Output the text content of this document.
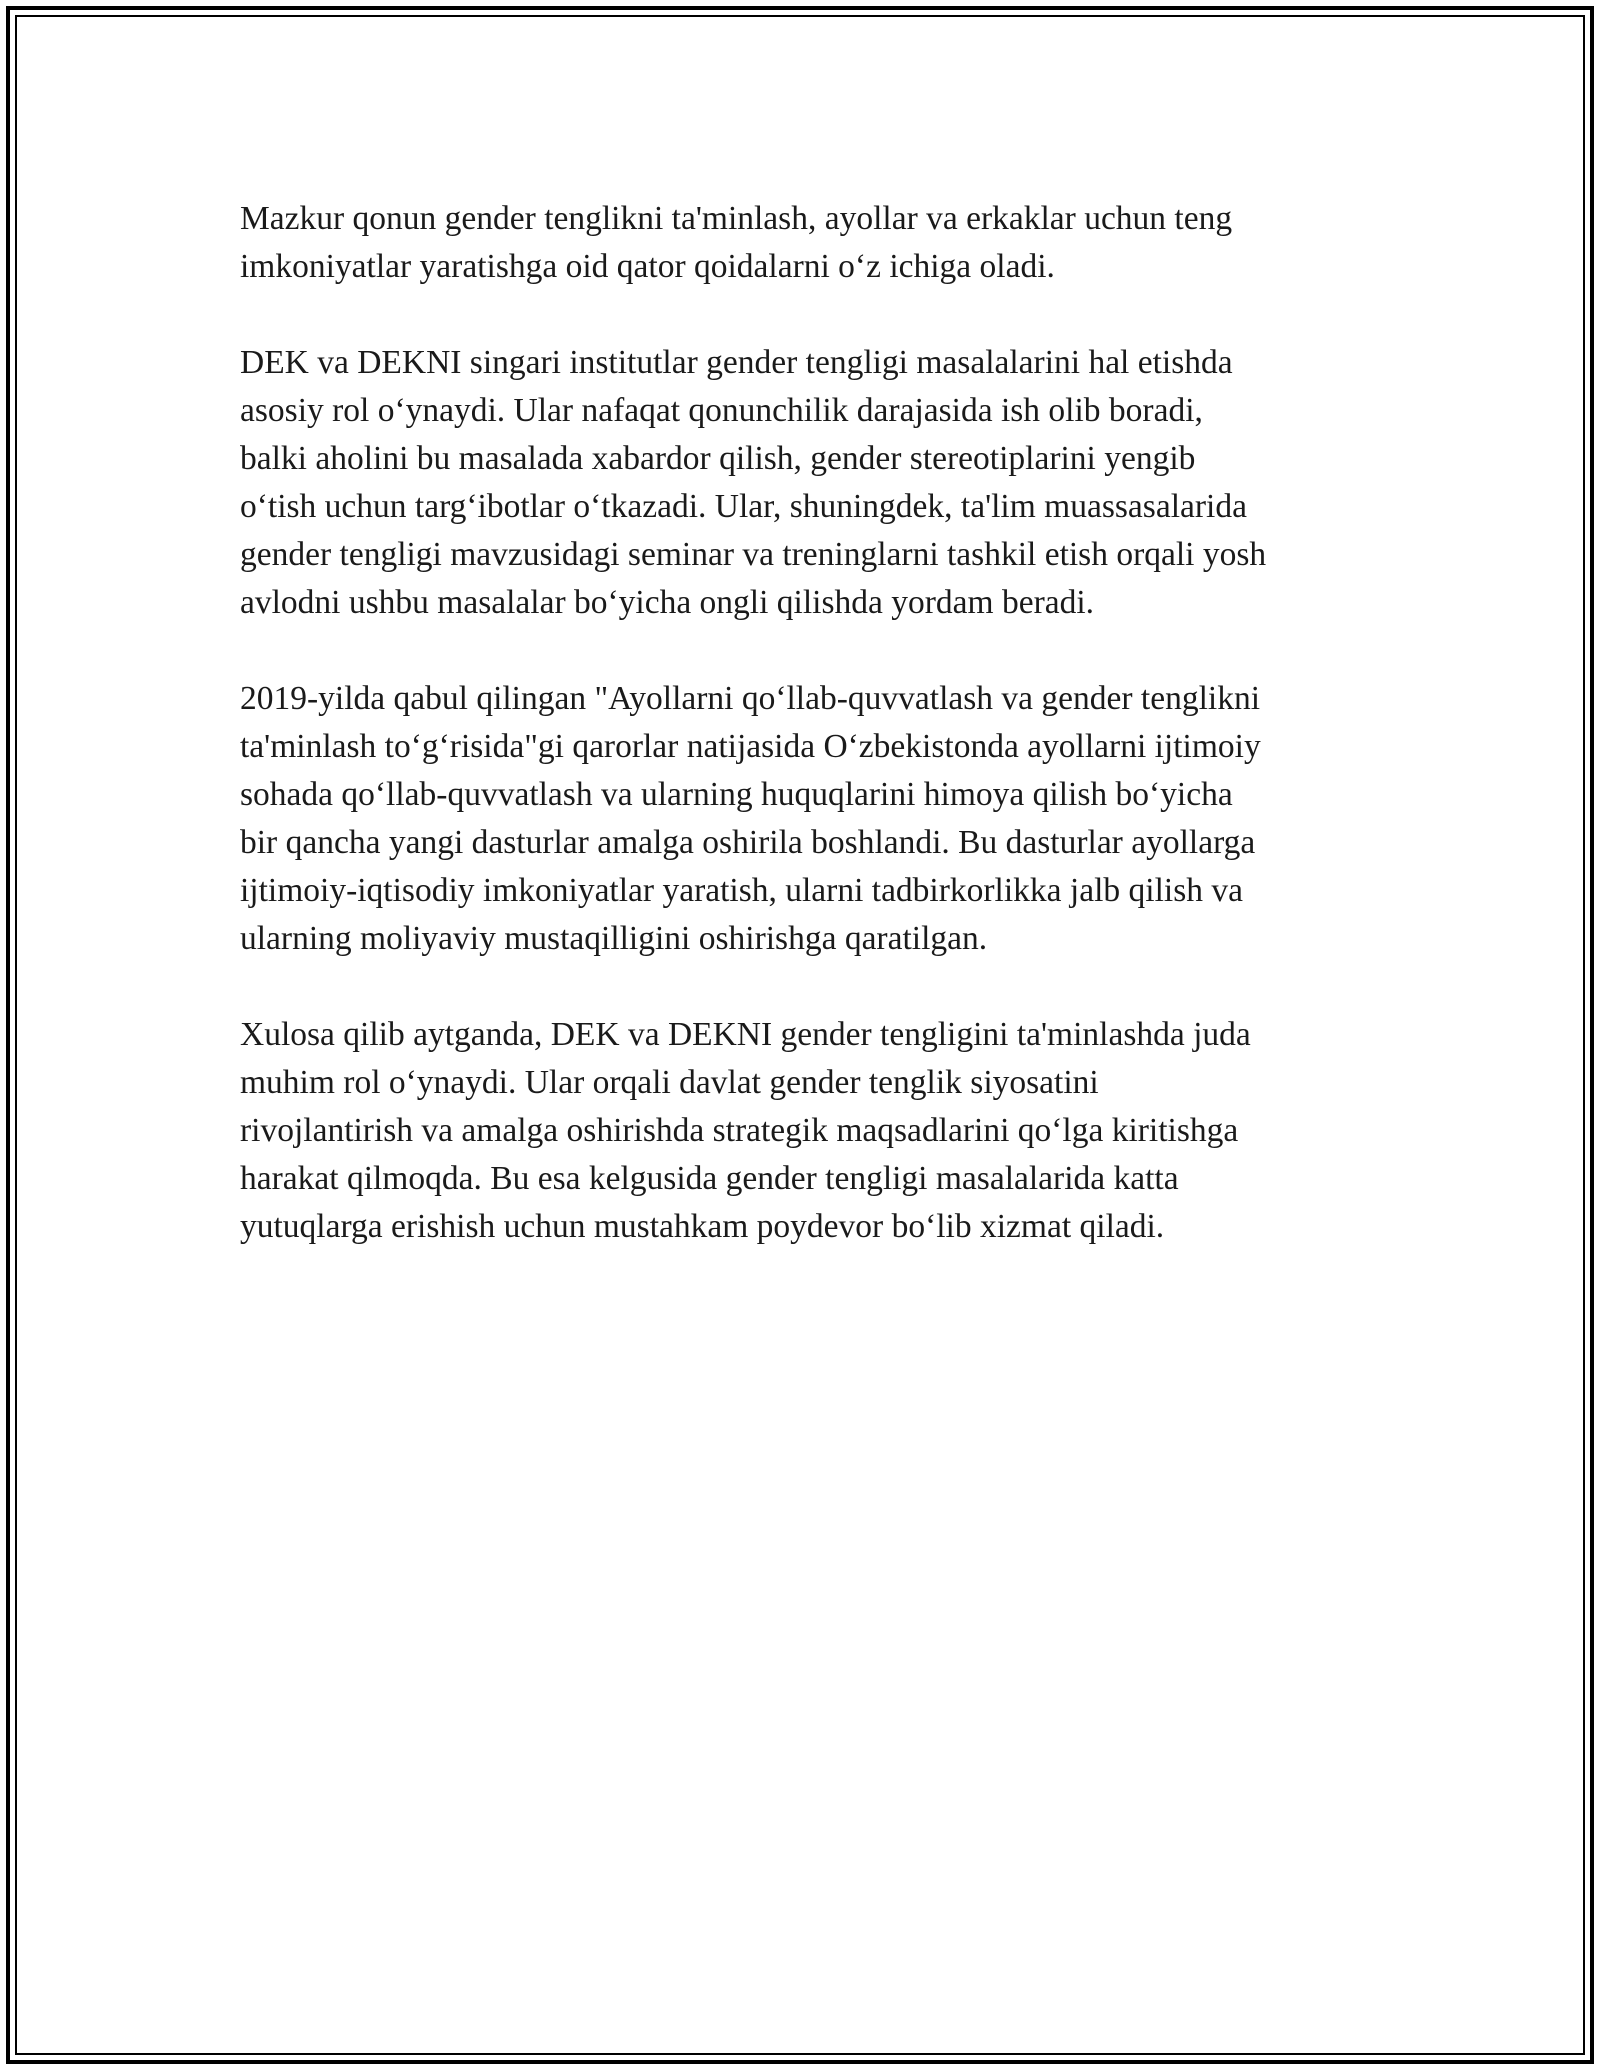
Mazkur qonun gender tenglikni ta'minlash, ayollar va erkaklar uchun teng
imkoniyatlar yaratishga oid qator qoidalarni o‘z ichiga oladi.

DEK va DEKNI singari institutlar gender tengligi masalalarini hal etishda
asosiy rol o‘ynaydi. Ular nafaqat qonunchilik darajasida ish olib boradi,
balki aholini bu masalada xabardor qilish, gender stereotiplarini yengib
o‘tish uchun targ‘ibotlar o‘tkazadi. Ular, shuningdek, ta'lim muassasalarida
gender tengligi mavzusidagi seminar va treninglarni tashkil etish orqali yosh
avlodni ushbu masalalar bo‘yicha ongli qilishda yordam beradi.

2019-yilda qabul qilingan "Ayollarni qo‘llab-quvvatlash va gender tenglikni
ta'minlash to‘g‘risida"gi qarorlar natijasida O‘zbekistonda ayollarni ijtimoiy
sohada qo‘llab-quvvatlash va ularning huquqlarini himoya qilish bo‘yicha
bir qancha yangi dasturlar amalga oshirila boshlandi. Bu dasturlar ayollarga
ijtimoiy-iqtisodiy imkoniyatlar yaratish, ularni tadbirkorlikka jalb qilish va
ularning moliyaviy mustaqilligini oshirishga qaratilgan.

Xulosa qilib aytganda, DEK va DEKNI gender tengligini ta'minlashda juda
muhim rol o‘ynaydi. Ular orqali davlat gender tenglik siyosatini
rivojlantirish va amalga oshirishda strategik maqsadlarini qo‘lga kiritishga
harakat qilmoqda. Bu esa kelgusida gender tengligi masalalarida katta
yutuqlarga erishish uchun mustahkam poydevor bo‘lib xizmat qiladi.
